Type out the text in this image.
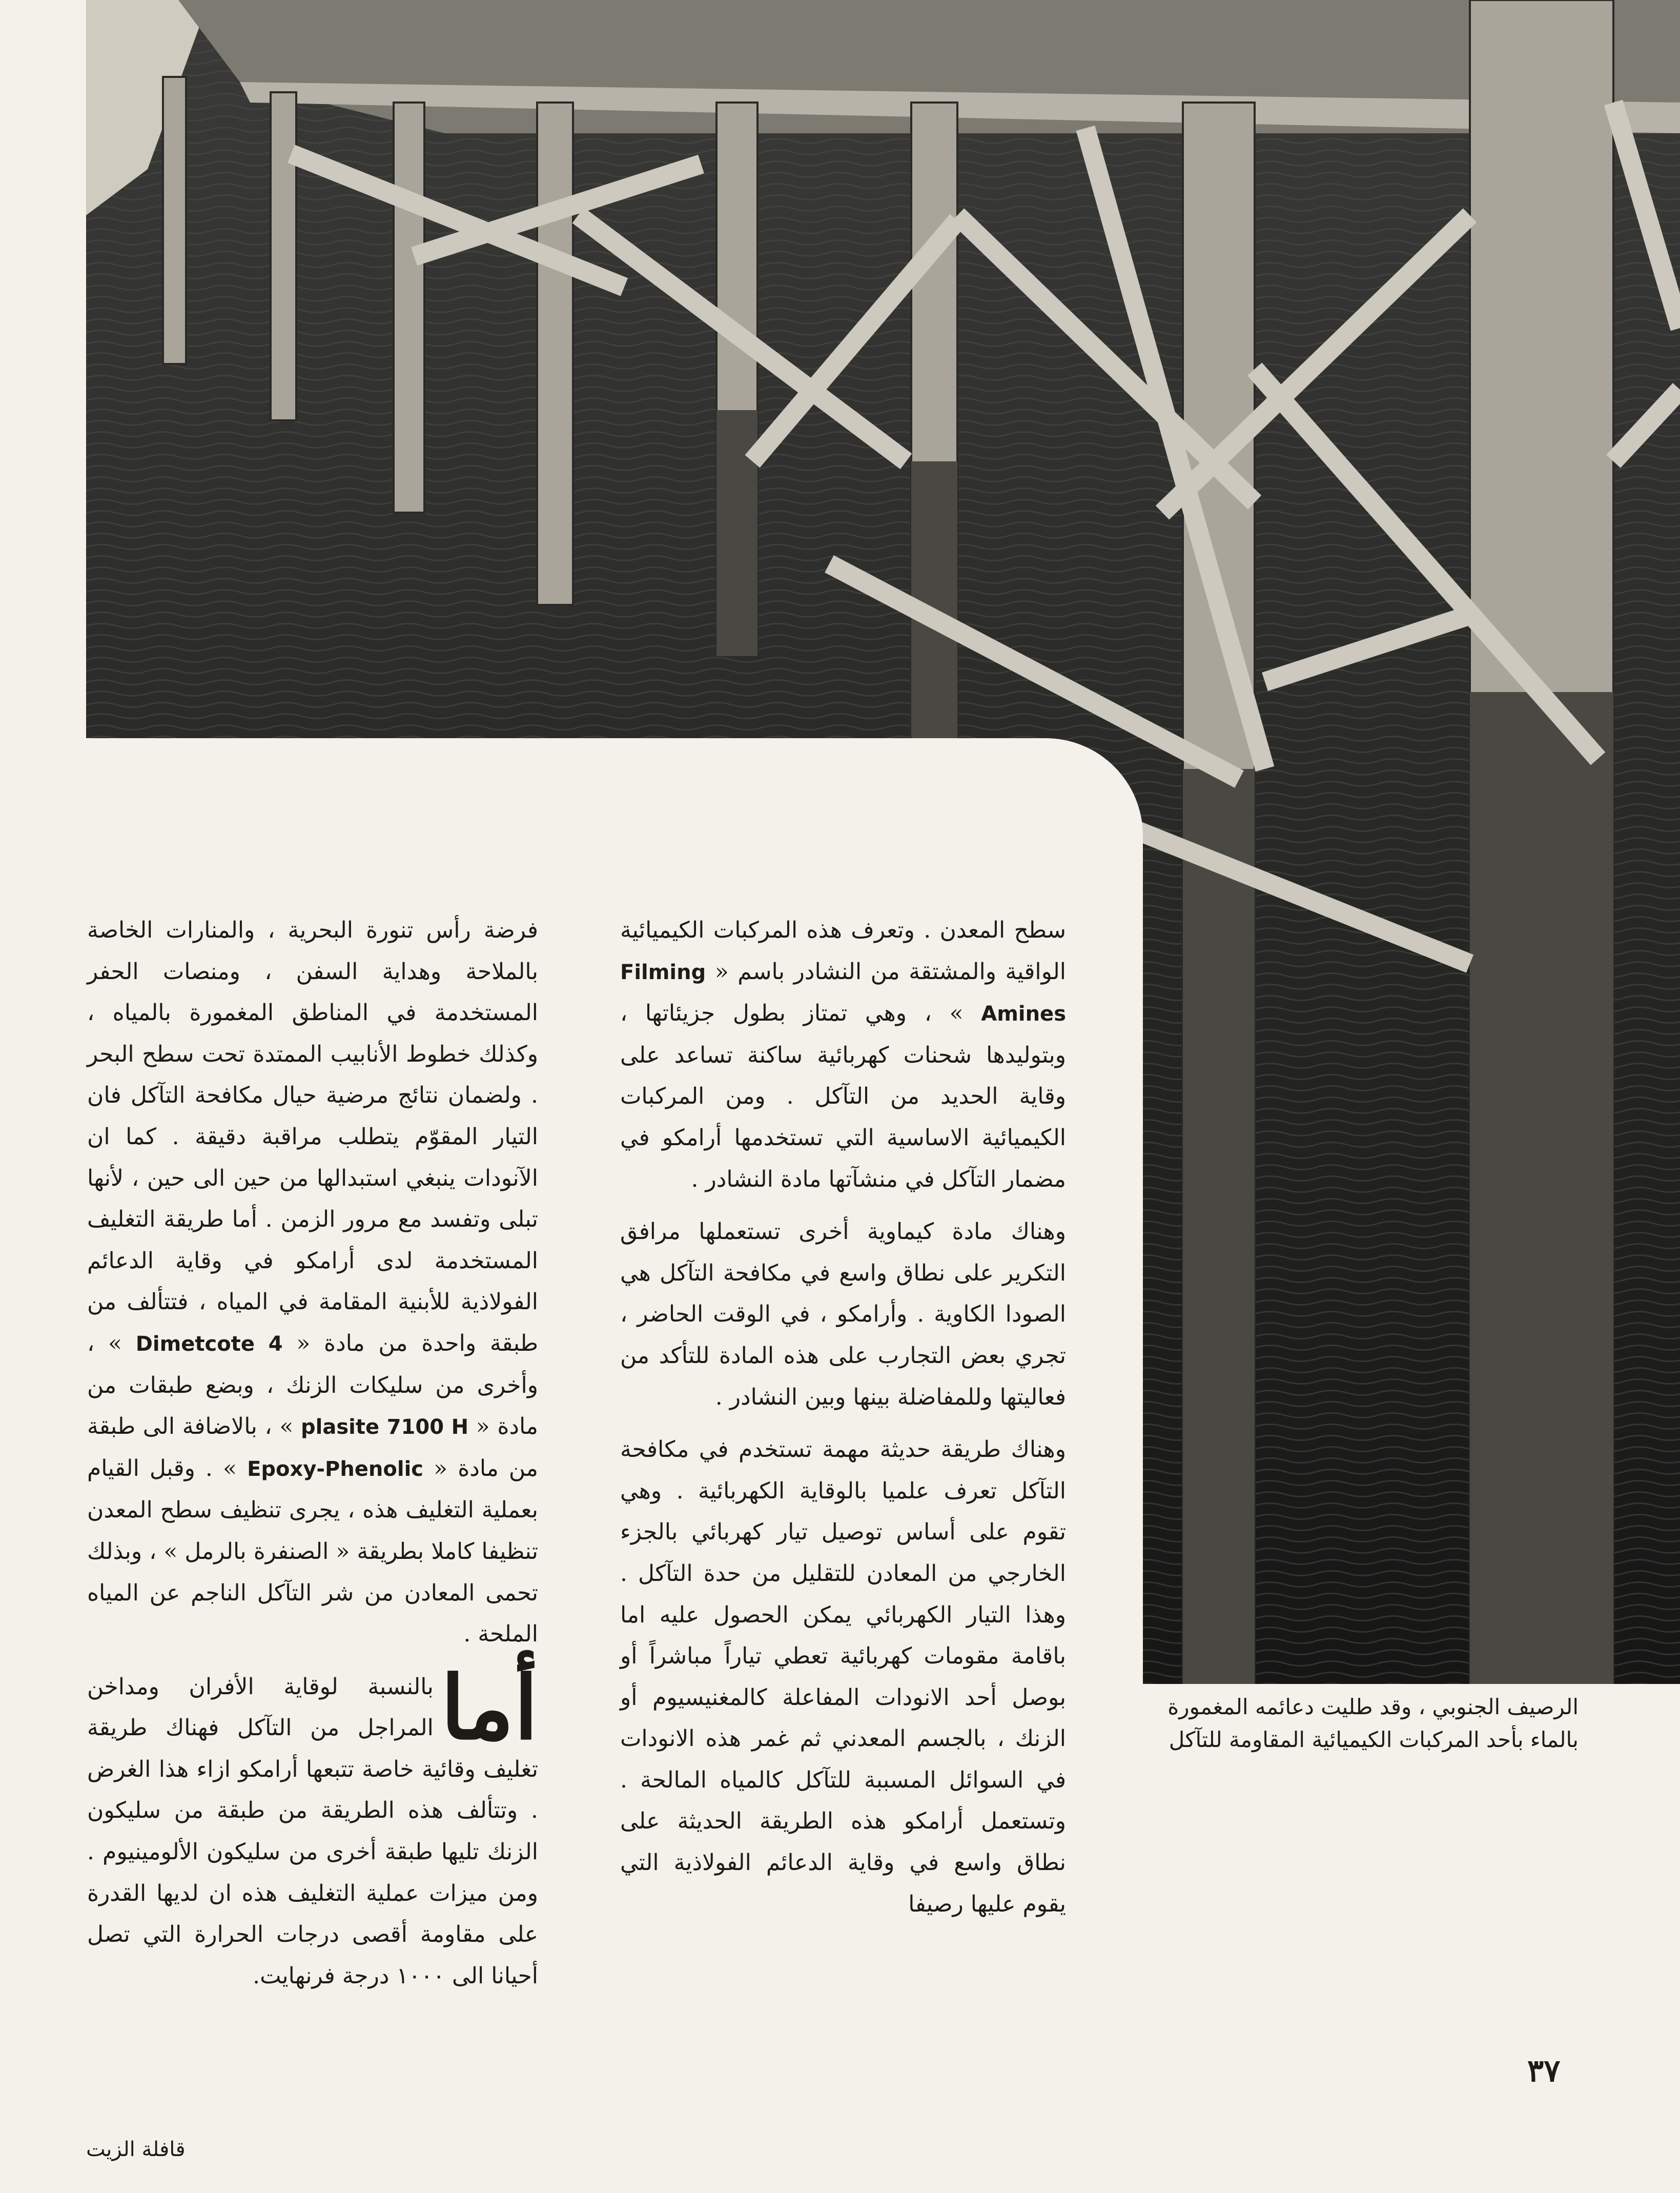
سطح المعدن . وتعرف هذه المركبات الكيميائية الواقية والمشتقة من النشادر باسم « Filming Amines » ، وهي تمتاز بطول جزيئاتها ، وبتوليدها شحنات كهربائية ساكنة تساعد على وقاية الحديد من التآكل . ومن المركبات الكيميائية الاساسية التي تستخدمها أرامكو في مضمار التآكل في منشآتها مادة النشادر .

وهناك مادة كيماوية أخرى تستعملها مرافق التكرير على نطاق واسع في مكافحة التآكل هي الصودا الكاوية . وأرامكو ، في الوقت الحاضر ، تجري بعض التجارب على هذه المادة للتأكد من فعاليتها وللمفاضلة بينها وبين النشادر .

وهناك طريقة حديثة مهمة تستخدم في مكافحة التآكل تعرف علميا بالوقاية الكهربائية . وهي تقوم على أساس توصيل تيار كهربائي بالجزء الخارجي من المعادن للتقليل من حدة التآكل . وهذا التيار الكهربائي يمكن الحصول عليه اما باقامة مقومات كهربائية تعطي تياراً مباشراً أو بوصل أحد الانودات المفاعلة كالمغنيسيوم أو الزنك ، بالجسم المعدني ثم غمر هذه الانودات في السوائل المسببة للتآكل كالمياه المالحة . وتستعمل أرامكو هذه الطريقة الحديثة على نطاق واسع في وقاية الدعائم الفولاذية التي يقوم عليها رصيفا

فرضة رأس تنورة البحرية ، والمنارات الخاصة بالملاحة وهداية السفن ، ومنصات الحفر المستخدمة في المناطق المغمورة بالمياه ، وكذلك خطوط الأنابيب الممتدة تحت سطح البحر . ولضمان نتائج مرضية حيال مكافحة التآكل فان التيار المقوّم يتطلب مراقبة دقيقة . كما ان الآنودات ينبغي استبدالها من حين الى حين ، لأنها تبلى وتفسد مع مرور الزمن . أما طريقة التغليف المستخدمة لدى أرامكو في وقاية الدعائم الفولاذية للأبنية المقامة في المياه ، فتتألف من طبقة واحدة من مادة « Dimetcote 4 » ، وأخرى من سليكات الزنك ، وبضع طبقات من مادة « plasite 7100 H » ، بالاضافة الى طبقة من مادة « Epoxy-Phenolic » . وقبل القيام بعملية التغليف هذه ، يجرى تنظيف سطح المعدن تنظيفا كاملا بطريقة « الصنفرة بالرمل » ، وبذلك تحمى المعادن من شر التآكل الناجم عن المياه الملحة .

أما
بالنسبة لوقاية الأفران ومداخن المراجل من التآكل فهناك طريقة تغليف وقائية خاصة تتبعها أرامكو ازاء هذا الغرض . وتتألف هذه الطريقة من طبقة من سليكون الزنك تليها طبقة أخرى من سليكون الألومينيوم . ومن ميزات عملية التغليف هذه ان لديها القدرة على مقاومة أقصى درجات الحرارة التي تصل أحيانا الى ١٠٠٠ درجة فرنهايت.

الرصيف الجنوبي ، وقد طليت دعائمه المغمورة بالماء بأحد المركبات الكيميائية المقاومة للتآكل
٣٧
قافلة الزيت
